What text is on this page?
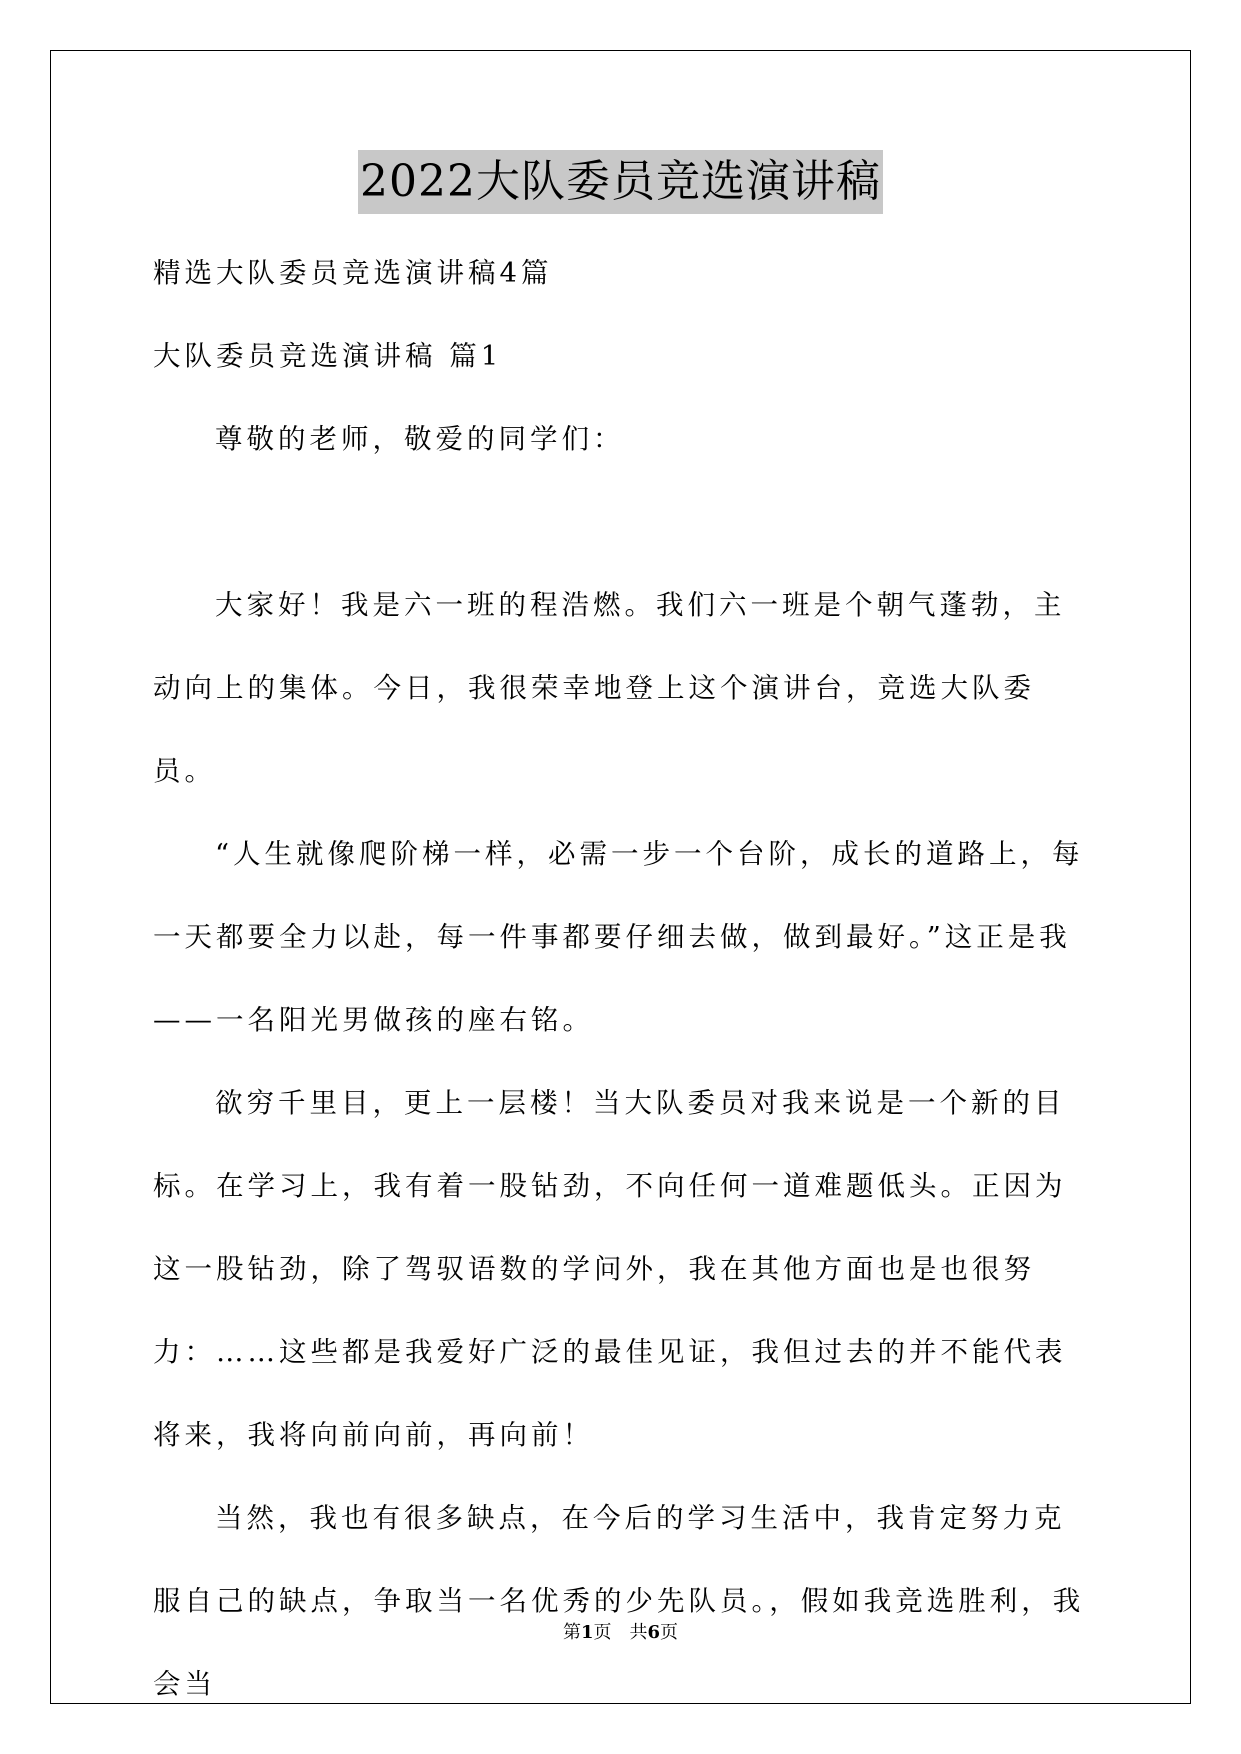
2022大队委员竞选演讲稿

精选大队委员竞选演讲稿4篇

大队委员竞选演讲稿 篇1

尊敬的老师，敬爱的同学们：

大家好！我是六一班的程浩燃。我们六一班是个朝气蓬勃，主动向上的集体。今日，我很荣幸地登上这个演讲台，竞选大队委员。

“人生就像爬阶梯一样，必需一步一个台阶，成长的道路上，每一天都要全力以赴，每一件事都要仔细去做，做到最好。”这正是我——一名阳光男做孩的座右铭。

欲穷千里目，更上一层楼！当大队委员对我来说是一个新的目标。在学习上，我有着一股钻劲，不向任何一道难题低头。正因为这一股钻劲，除了驾驭语数的学问外，我在其他方面也是也很努力：……这些都是我爱好广泛的最佳见证，我但过去的并不能代表将来，我将向前向前，再向前！

当然，我也有很多缺点，在今后的学习生活中，我肯定努力克服自己的缺点，争取当一名优秀的少先队员。，假如我竞选胜利，我会当

第1页　共6页
